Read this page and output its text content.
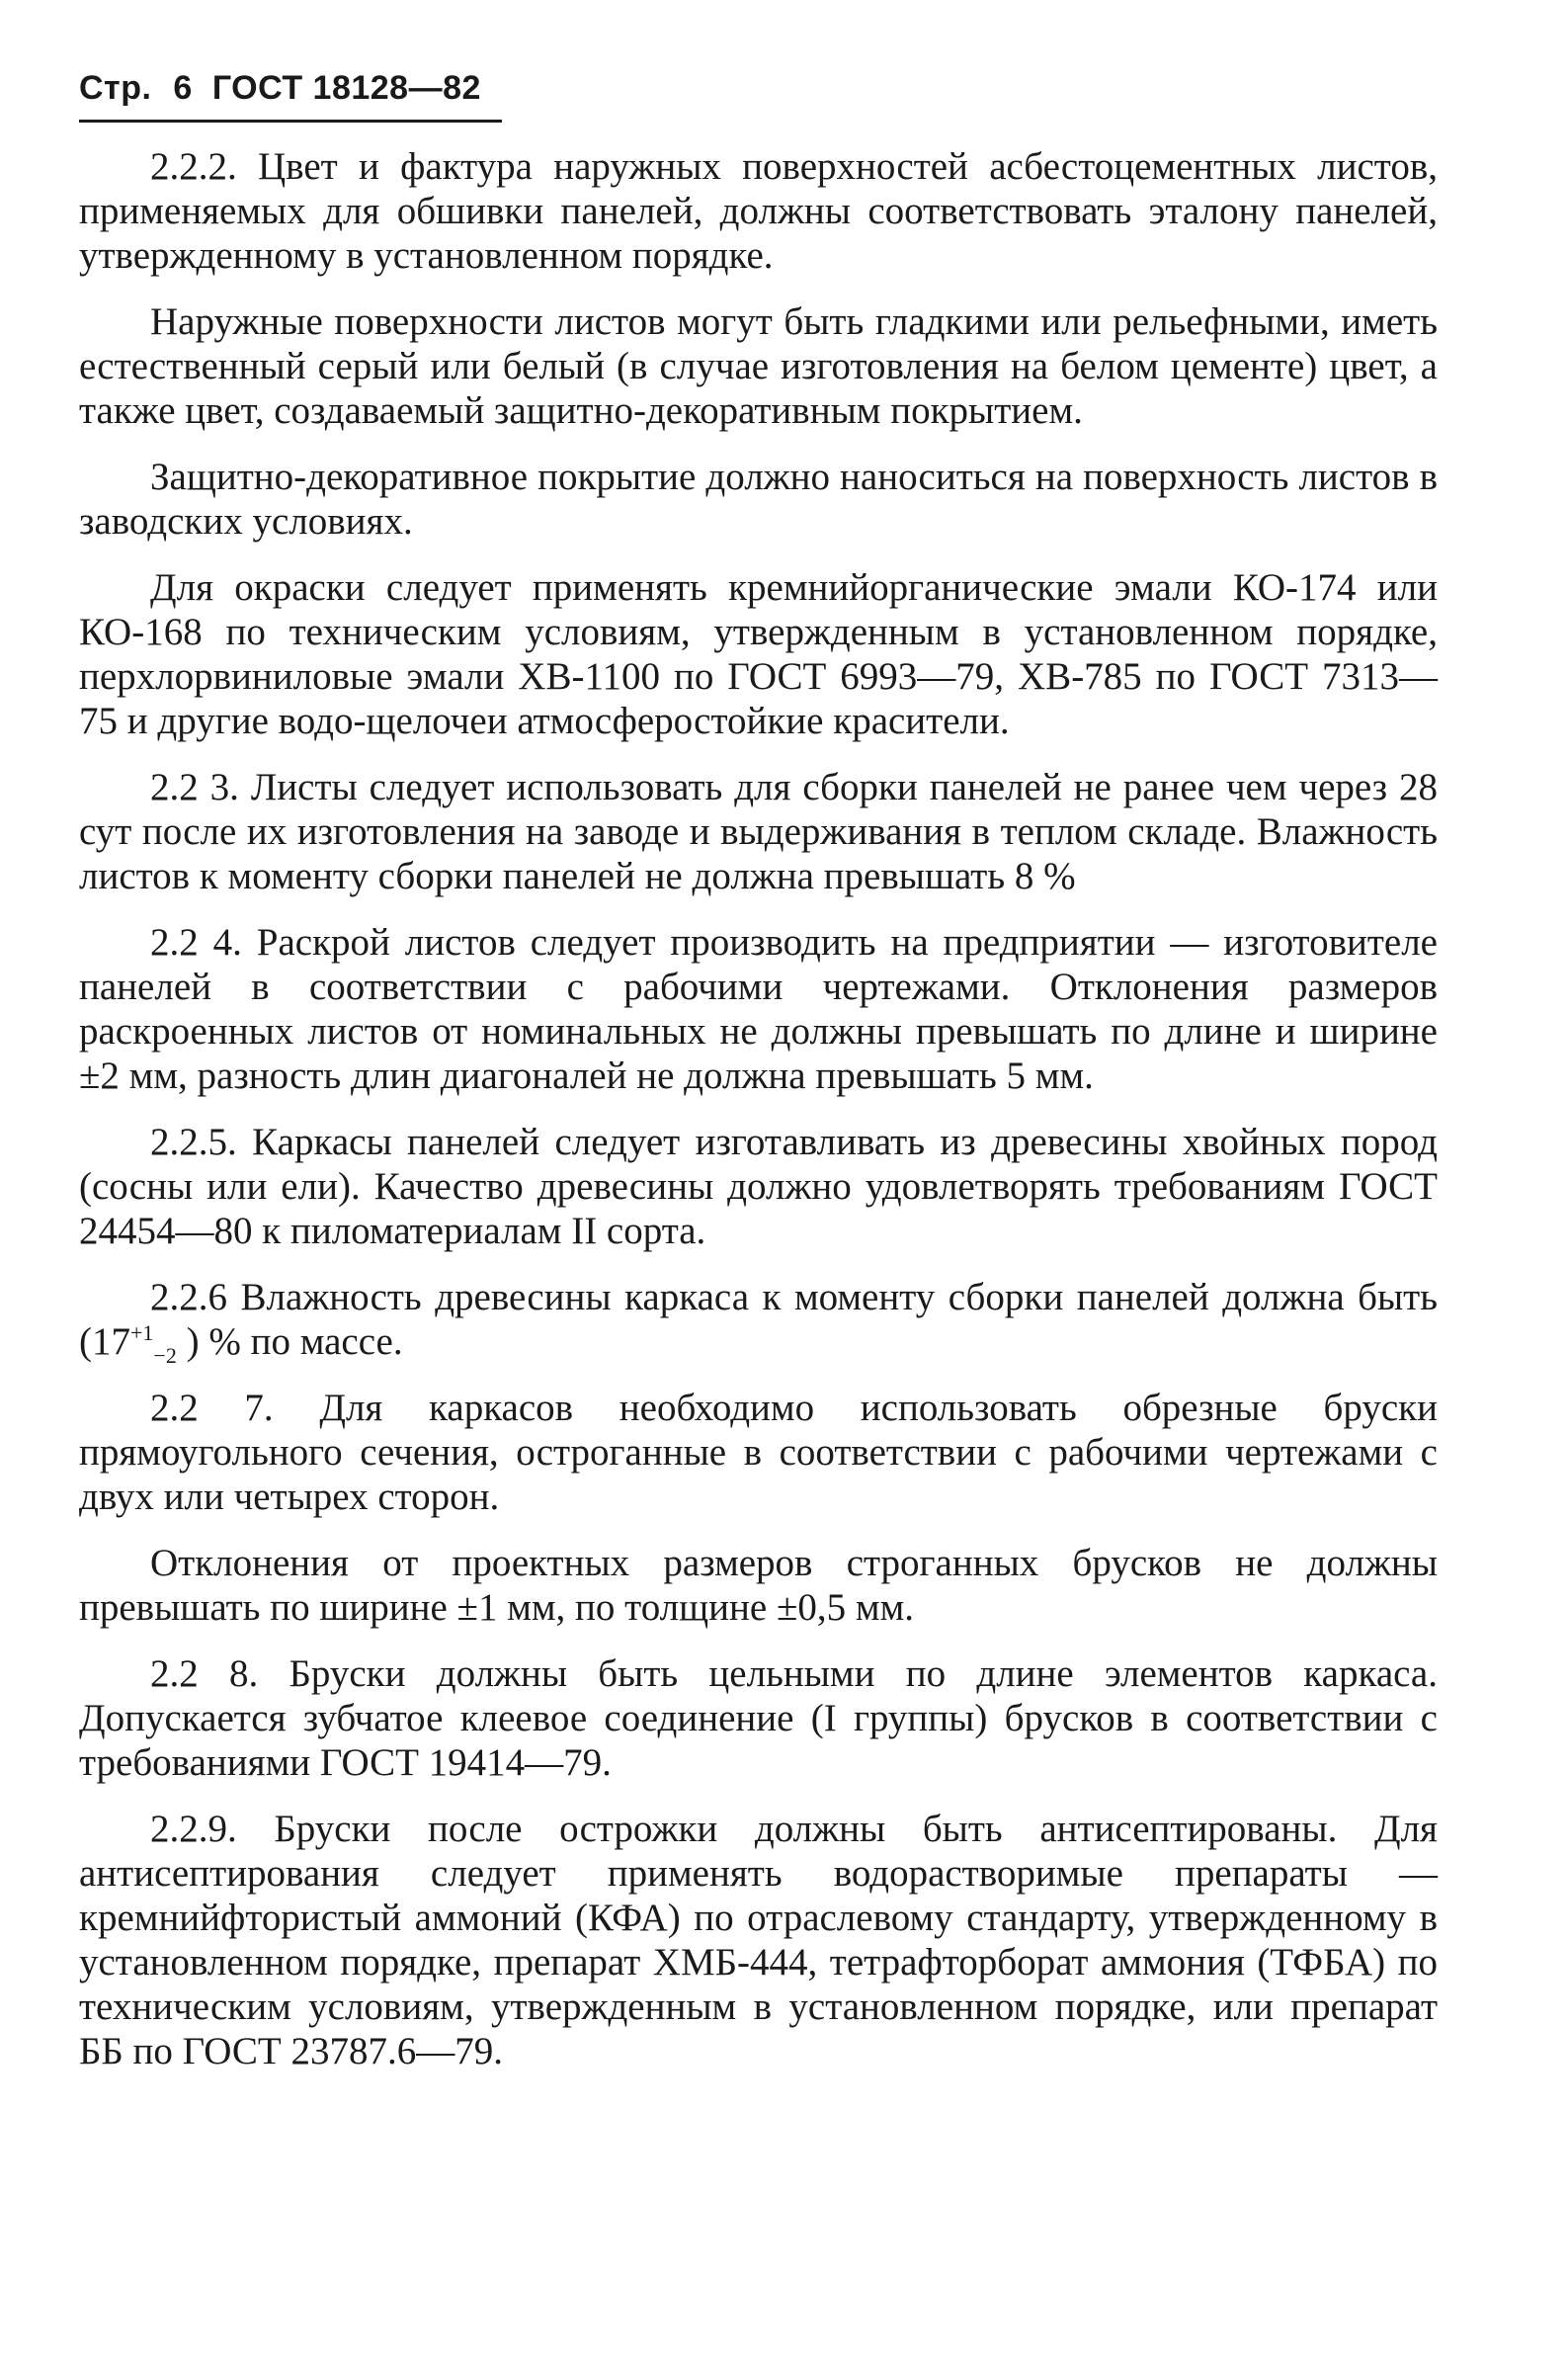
Стр. 6 ГОСТ 18128—82

2.2.2. Цвет и фактура наружных поверхностей асбестоцементных листов, применяемых для обшивки панелей, должны соответствовать эталону панелей, утвержденному в установленном порядке.

Наружные поверхности листов могут быть гладкими или рельефными, иметь естественный серый или белый (в случае изготовления на белом цементе) цвет, а также цвет, создаваемый защитно-декоративным покрытием.

Защитно-декоративное покрытие должно наноситься на поверхность листов в заводских условиях.

Для окраски следует применять кремнийорганические эмали КО-174 или КО-168 по техническим условиям, утвержденным в установленном порядке, перхлорвиниловые эмали ХВ-1100 по ГОСТ 6993—79, ХВ-785 по ГОСТ 7313—75 и другие водо-щелочеи атмосферостойкие красители.

2.2 3. Листы следует использовать для сборки панелей не ранее чем через 28 сут после их изготовления на заводе и выдерживания в теплом складе. Влажность листов к моменту сборки панелей не должна превышать 8 %

2.2 4. Раскрой листов следует производить на предприятии — изготовителе панелей в соответствии с рабочими чертежами. Отклонения размеров раскроенных листов от номинальных не должны превышать по длине и ширине ±2 мм, разность длин диагоналей не должна превышать 5 мм.

2.2.5. Каркасы панелей следует изготавливать из древесины хвойных пород (сосны или ели). Качество древесины должно удовлетворять требованиям ГОСТ 24454—80 к пиломатериалам II сорта.

2.2.6 Влажность древесины каркаса к моменту сборки панелей должна быть ($17^{+1}_{-2}$ ) % по массе.

2.2 7. Для каркасов необходимо использовать обрезные бруски прямоугольного сечения, остроганные в соответствии с рабочими чертежами с двух или четырех сторон.

Отклонения от проектных размеров строганных брусков не должны превышать по ширине ±1 мм, по толщине ±0,5 мм.

2.2 8. Бруски должны быть цельными по длине элементов каркаса. Допускается зубчатое клеевое соединение (I группы) брусков в соответствии с требованиями ГОСТ 19414—79.

2.2.9. Бруски после острожки должны быть антисептированы. Для антисептирования следует применять водорастворимые препараты — кремнийфтористый аммоний (КФА) по отраслевому стандарту, утвержденному в установленном порядке, препарат ХМБ-444, тетрафторборат аммония (ТФБА) по техническим условиям, утвержденным в установленном порядке, или препарат ББ по ГОСТ 23787.6—79.
